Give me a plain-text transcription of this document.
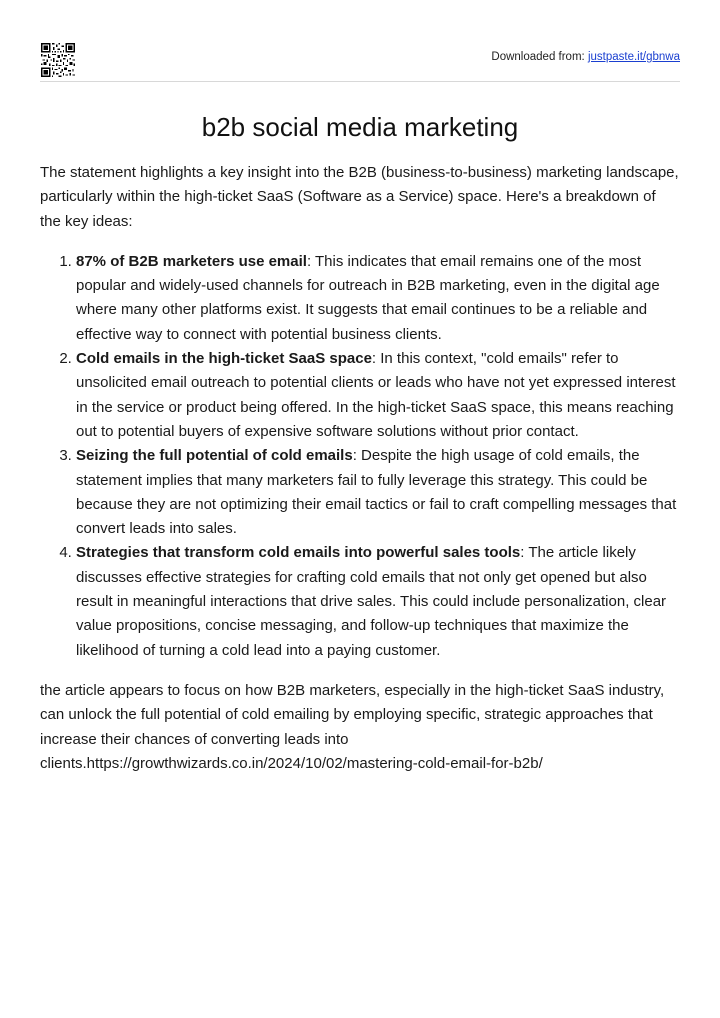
Downloaded from: justpaste.it/gbnwa
b2b social media marketing

The statement highlights a key insight into the B2B (business-to-business) marketing landscape, particularly within the high-ticket SaaS (Software as a Service) space. Here's a breakdown of the key ideas:

1. 87% of B2B marketers use email: This indicates that email remains one of the most popular and widely-used channels for outreach in B2B marketing, even in the digital age where many other platforms exist. It suggests that email continues to be a reliable and effective way to connect with potential business clients.
2. Cold emails in the high-ticket SaaS space: In this context, "cold emails" refer to unsolicited email outreach to potential clients or leads who have not yet expressed interest in the service or product being offered. In the high-ticket SaaS space, this means reaching out to potential buyers of expensive software solutions without prior contact.
3. Seizing the full potential of cold emails: Despite the high usage of cold emails, the statement implies that many marketers fail to fully leverage this strategy. This could be because they are not optimizing their email tactics or fail to craft compelling messages that convert leads into sales.
4. Strategies that transform cold emails into powerful sales tools: The article likely discusses effective strategies for crafting cold emails that not only get opened but also result in meaningful interactions that drive sales. This could include personalization, clear value propositions, concise messaging, and follow-up techniques that maximize the likelihood of turning a cold lead into a paying customer.

the article appears to focus on how B2B marketers, especially in the high-ticket SaaS industry, can unlock the full potential of cold emailing by employing specific, strategic approaches that increase their chances of converting leads into clients.https://growthwizards.co.in/2024/10/02/mastering-cold-email-for-b2b/
